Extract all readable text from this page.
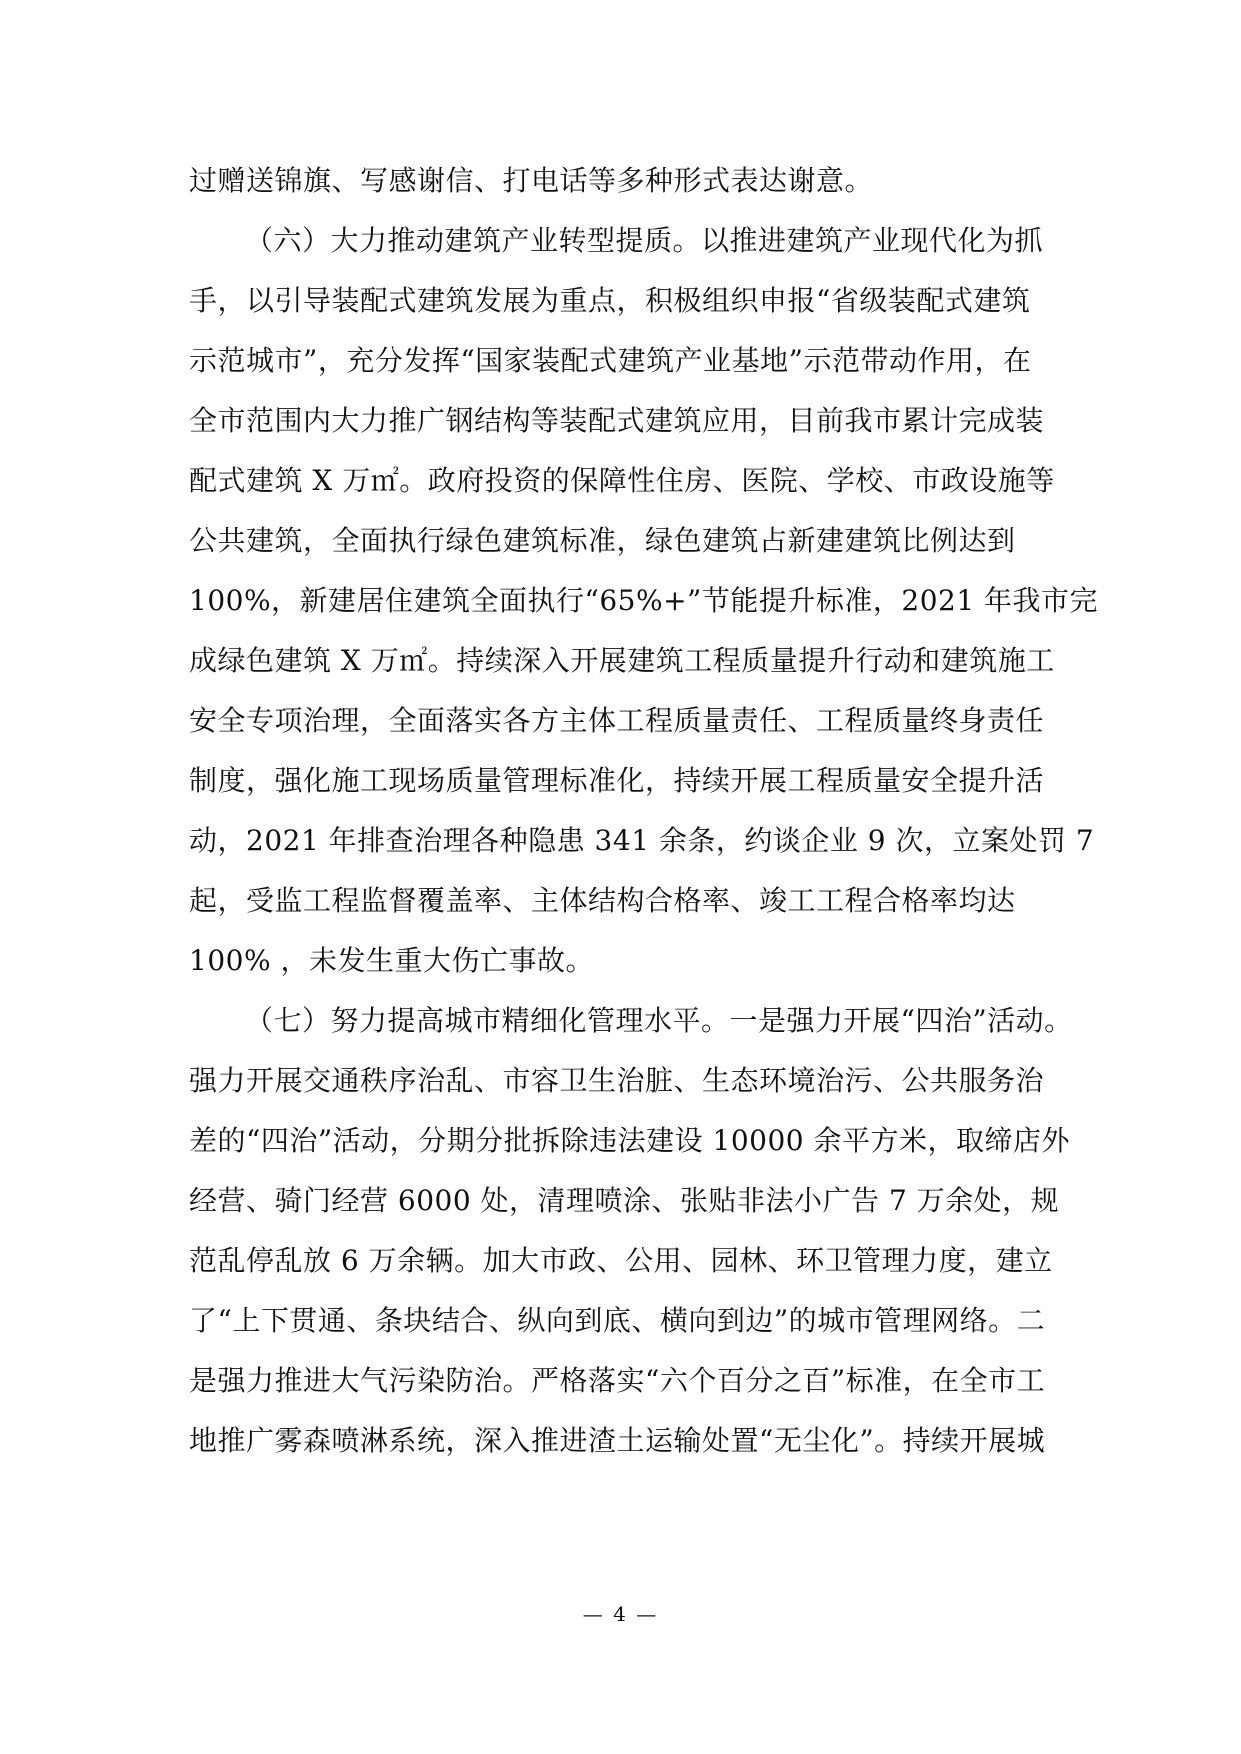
过赠送锦旗、写感谢信、打电话等多种形式表达谢意。
（六）大力推动建筑产业转型提质。以推进建筑产业现代化为抓
手，以引导装配式建筑发展为重点，积极组织申报“省级装配式建筑
示范城市”，充分发挥“国家装配式建筑产业基地”示范带动作用，在
全市范围内大力推广钢结构等装配式建筑应用，目前我市累计完成装
配式建筑 X 万㎡。政府投资的保障性住房、医院、学校、市政设施等
公共建筑，全面执行绿色建筑标准，绿色建筑占新建建筑比例达到
100%，新建居住建筑全面执行“65%+”节能提升标准，2021 年我市完
成绿色建筑 X 万㎡。持续深入开展建筑工程质量提升行动和建筑施工
安全专项治理，全面落实各方主体工程质量责任、工程质量终身责任
制度，强化施工现场质量管理标准化，持续开展工程质量安全提升活
动，2021 年排查治理各种隐患 341 余条，约谈企业 9 次，立案处罚 7
起，受监工程监督覆盖率、主体结构合格率、竣工工程合格率均达
100% ，未发生重大伤亡事故。
（七）努力提高城市精细化管理水平。一是强力开展“四治”活动。
强力开展交通秩序治乱、市容卫生治脏、生态环境治污、公共服务治
差的“四治”活动，分期分批拆除违法建设 10000 余平方米，取缔店外
经营、骑门经营 6000 处，清理喷涂、张贴非法小广告 7 万余处，规
范乱停乱放 6 万余辆。加大市政、公用、园林、环卫管理力度，建立
了“上下贯通、条块结合、纵向到底、横向到边”的城市管理网络。二
是强力推进大气污染防治。严格落实“六个百分之百”标准，在全市工
地推广雾森喷淋系统，深入推进渣土运输处置“无尘化”。持续开展城
— 4 —
